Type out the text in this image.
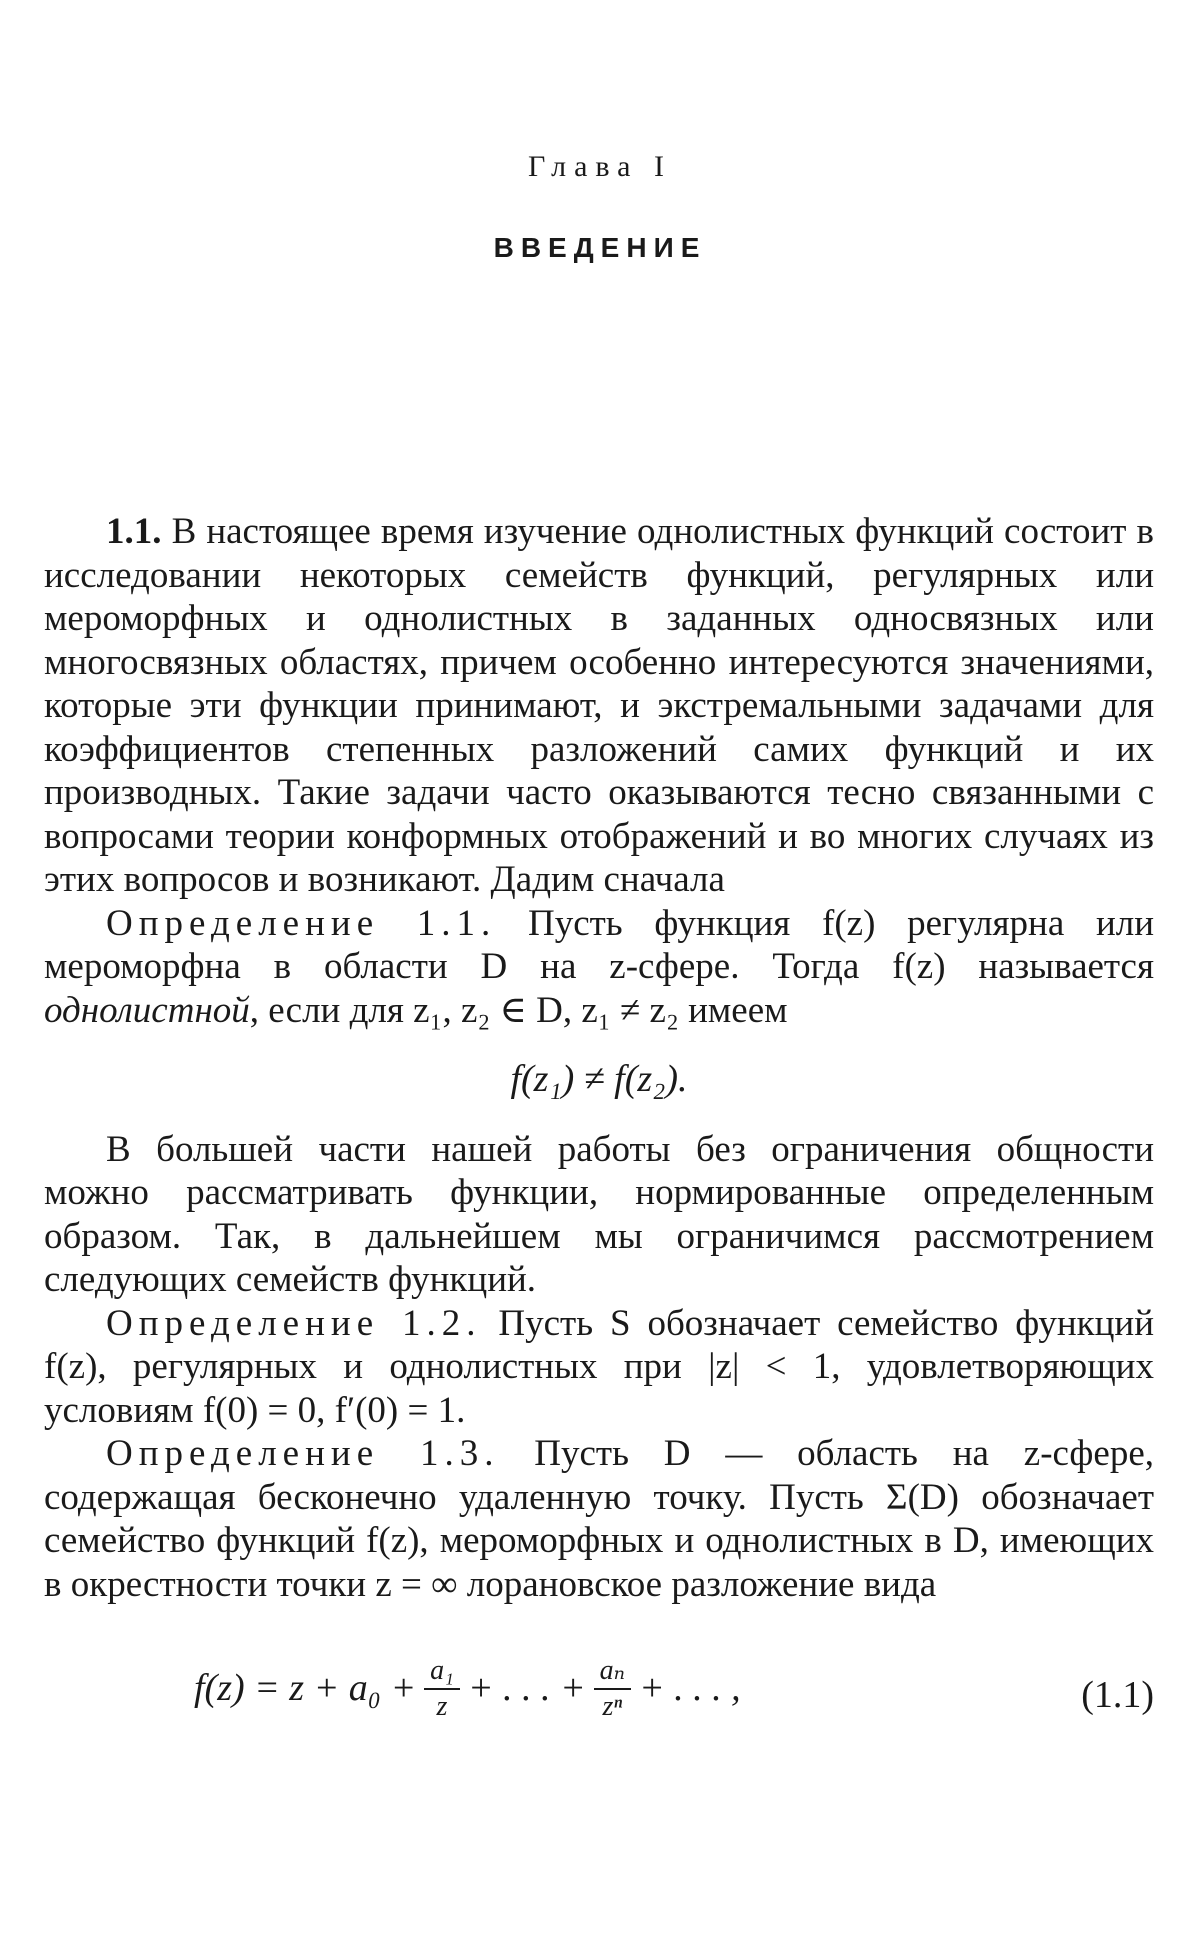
Глава I
ВВЕДЕНИЕ

1.1. В настоящее время изучение однолистных функций состоит в исследовании некоторых семейств функций, регулярных или мероморфных и однолистных в заданных односвязных или многосвязных областях, причем особенно интересуются значениями, которые эти функции принимают, и экстремальными задачами для коэффициентов степенных разложений самих функций и их производных. Такие задачи часто оказываются тесно связанными с вопросами теории конформных отображений и во многих случаях из этих вопросов и возникают. Дадим сначала

Определение 1.1. Пусть функция f(z) регулярна или мероморфна в области D на z-сфере. Тогда f(z) называется однолистной, если для z₁, z₂ ∈ D, z₁ ≠ z₂ имеем

f(z₁) ≠ f(z₂).

В большей части нашей работы без ограничения общности можно рассматривать функции, нормированные определенным образом. Так, в дальнейшем мы ограничимся рассмотрением следующих семейств функций.

Определение 1.2. Пусть S обозначает семейство функций f(z), регулярных и однолистных при |z| < 1, удовлетворяющих условиям f(0) = 0, f′(0) = 1.

Определение 1.3. Пусть D — область на z-сфере, содержащая бесконечно удаленную точку. Пусть Σ(D) обозначает семейство функций f(z), мероморфных и однолистных в D, имеющих в окрестности точки z = ∞ лорановское разложение вида

$f(z) = z + a_0 + \frac{\text{a₁}}{z}$ + . . . + $\frac{\text{aₙ}}{\text{zⁿ}}$ + . . . ,	(1.1)
